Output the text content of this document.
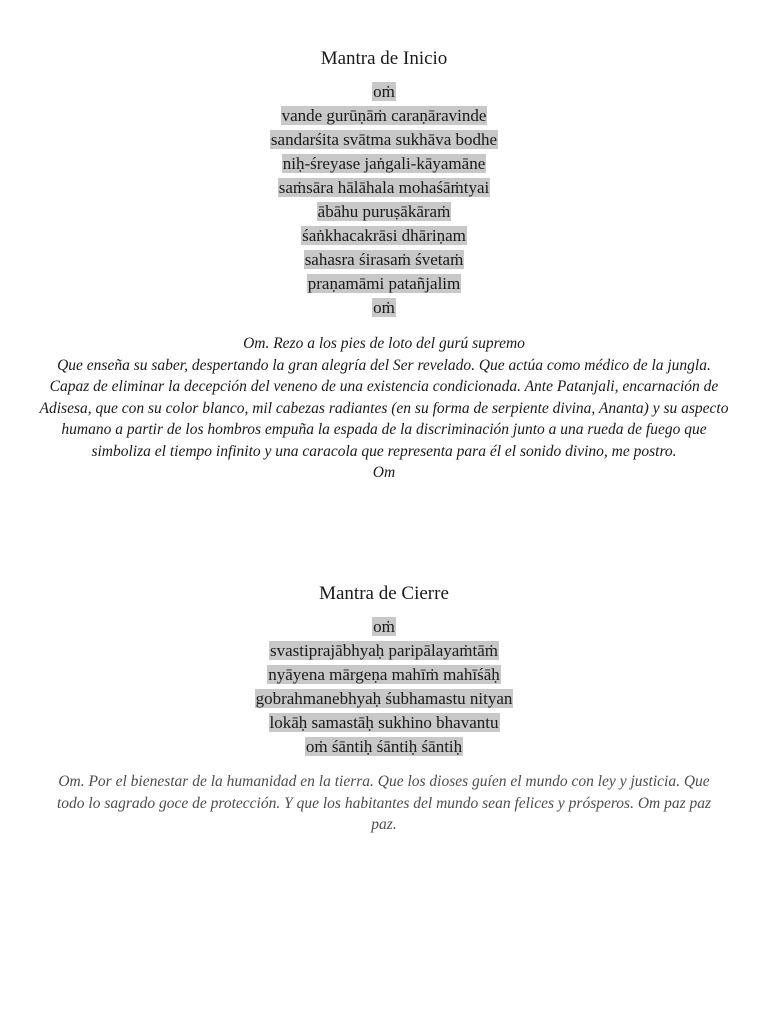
Mantra de Inicio
oṁ
vande gurūṇāṁ caraṇāravinde
sandarśita svātma sukhāva bodhe
niḥ-śreyase jaṅgali-kāyamāne
saṁsāra hālāhala mohaśāṁtyai
ābāhu puruṣākāraṁ
śaṅkhacakrāsi dhāriṇam
sahasra śirasaṁ śvetaṁ
praṇamāmi patañjalim
oṁ

Om. Rezo a los pies de loto del gurú supremo

Que enseña su saber, despertando la gran alegría del Ser revelado. Que actúa como médico de la jungla. Capaz de eliminar la decepción del veneno de una existencia condicionada. Ante Patanjali, encarnación de Adisesa, que con su color blanco, mil cabezas radiantes (en su forma de serpiente divina, Ananta) y su aspecto humano a partir de los hombros empuña la espada de la discriminación junto a una rueda de fuego que simboliza el tiempo infinito y una caracola que representa para él el sonido divino, me postro.

Om

Mantra de Cierre
oṁ
svastiprajābhyaḥ paripālayaṁtāṁ
nyāyena mārgeṇa mahīṁ mahīśāḥ
gobrahmanebhyaḥ śubhamastu nityan
lokāḥ samastāḥ sukhino bhavantu
oṁ śāntiḥ śāntiḥ śāntiḥ

Om. Por el bienestar de la humanidad en la tierra. Que los dioses guíen el mundo con ley y justicia. Que todo lo sagrado goce de protección. Y que los habitantes del mundo sean felices y prósperos. Om paz paz paz.
